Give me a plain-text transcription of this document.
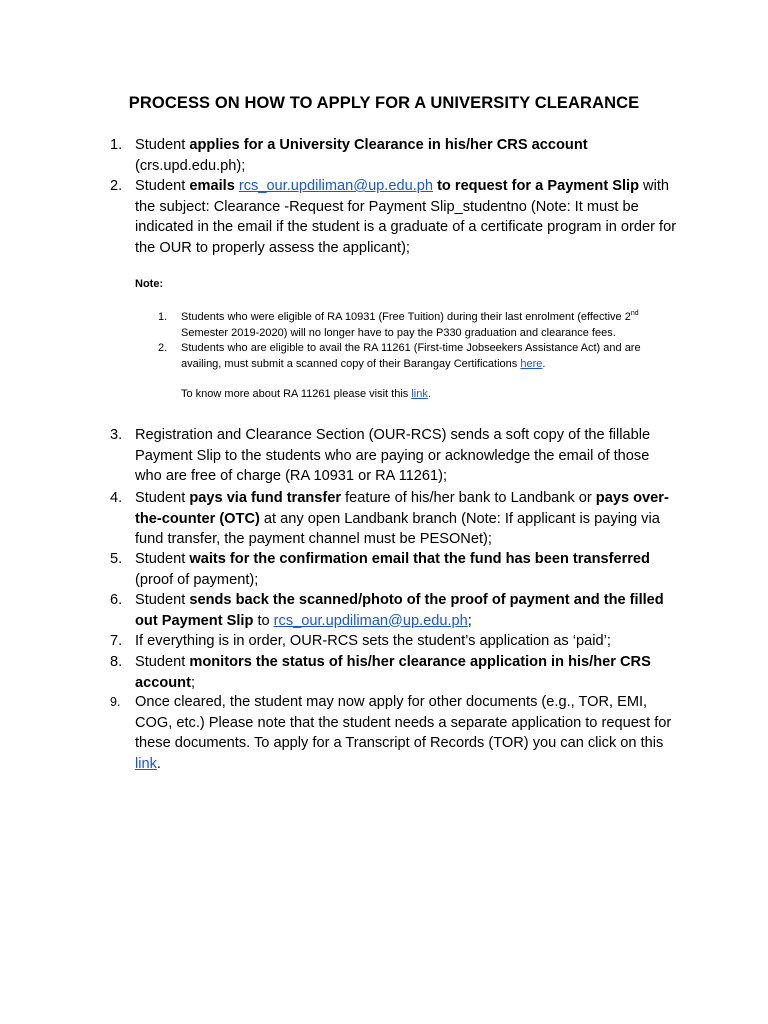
PROCESS ON HOW TO APPLY FOR A UNIVERSITY CLEARANCE
1. Student applies for a University Clearance in his/her CRS account (crs.upd.edu.ph);
2. Student emails rcs_our.updiliman@up.edu.ph to request for a Payment Slip with the subject: Clearance -Request for Payment Slip_studentno (Note: It must be indicated in the email if the student is a graduate of a certificate program in order for the OUR to properly assess the applicant);
Note:
1.	Students who were eligible of RA 10931 (Free Tuition) during their last enrolment (effective 2nd Semester 2019-2020) will no longer have to pay the P330 graduation and clearance fees.
2.	Students who are eligible to avail the RA 11261 (First-time Jobseekers Assistance Act) and are availing, must submit a scanned copy of their Barangay Certifications here.
To know more about RA 11261 please visit this link.
3. Registration and Clearance Section (OUR-RCS) sends a soft copy of the fillable Payment Slip to the students who are paying or acknowledge the email of those who are free of charge (RA 10931 or RA 11261);
4. Student pays via fund transfer feature of his/her bank to Landbank or pays over-the-counter (OTC) at any open Landbank branch (Note: If applicant is paying via fund transfer, the payment channel must be PESONet);
5. Student waits for the confirmation email that the fund has been transferred (proof of payment);
6. Student sends back the scanned/photo of the proof of payment and the filled out Payment Slip to rcs_our.updiliman@up.edu.ph;
7. If everything is in order, OUR-RCS sets the student’s application as ‘paid’;
8. Student monitors the status of his/her clearance application in his/her CRS account;
9. Once cleared, the student may now apply for other documents (e.g., TOR, EMI, COG, etc.) Please note that the student needs a separate application to request for these documents. To apply for a Transcript of Records (TOR) you can click on this link.
